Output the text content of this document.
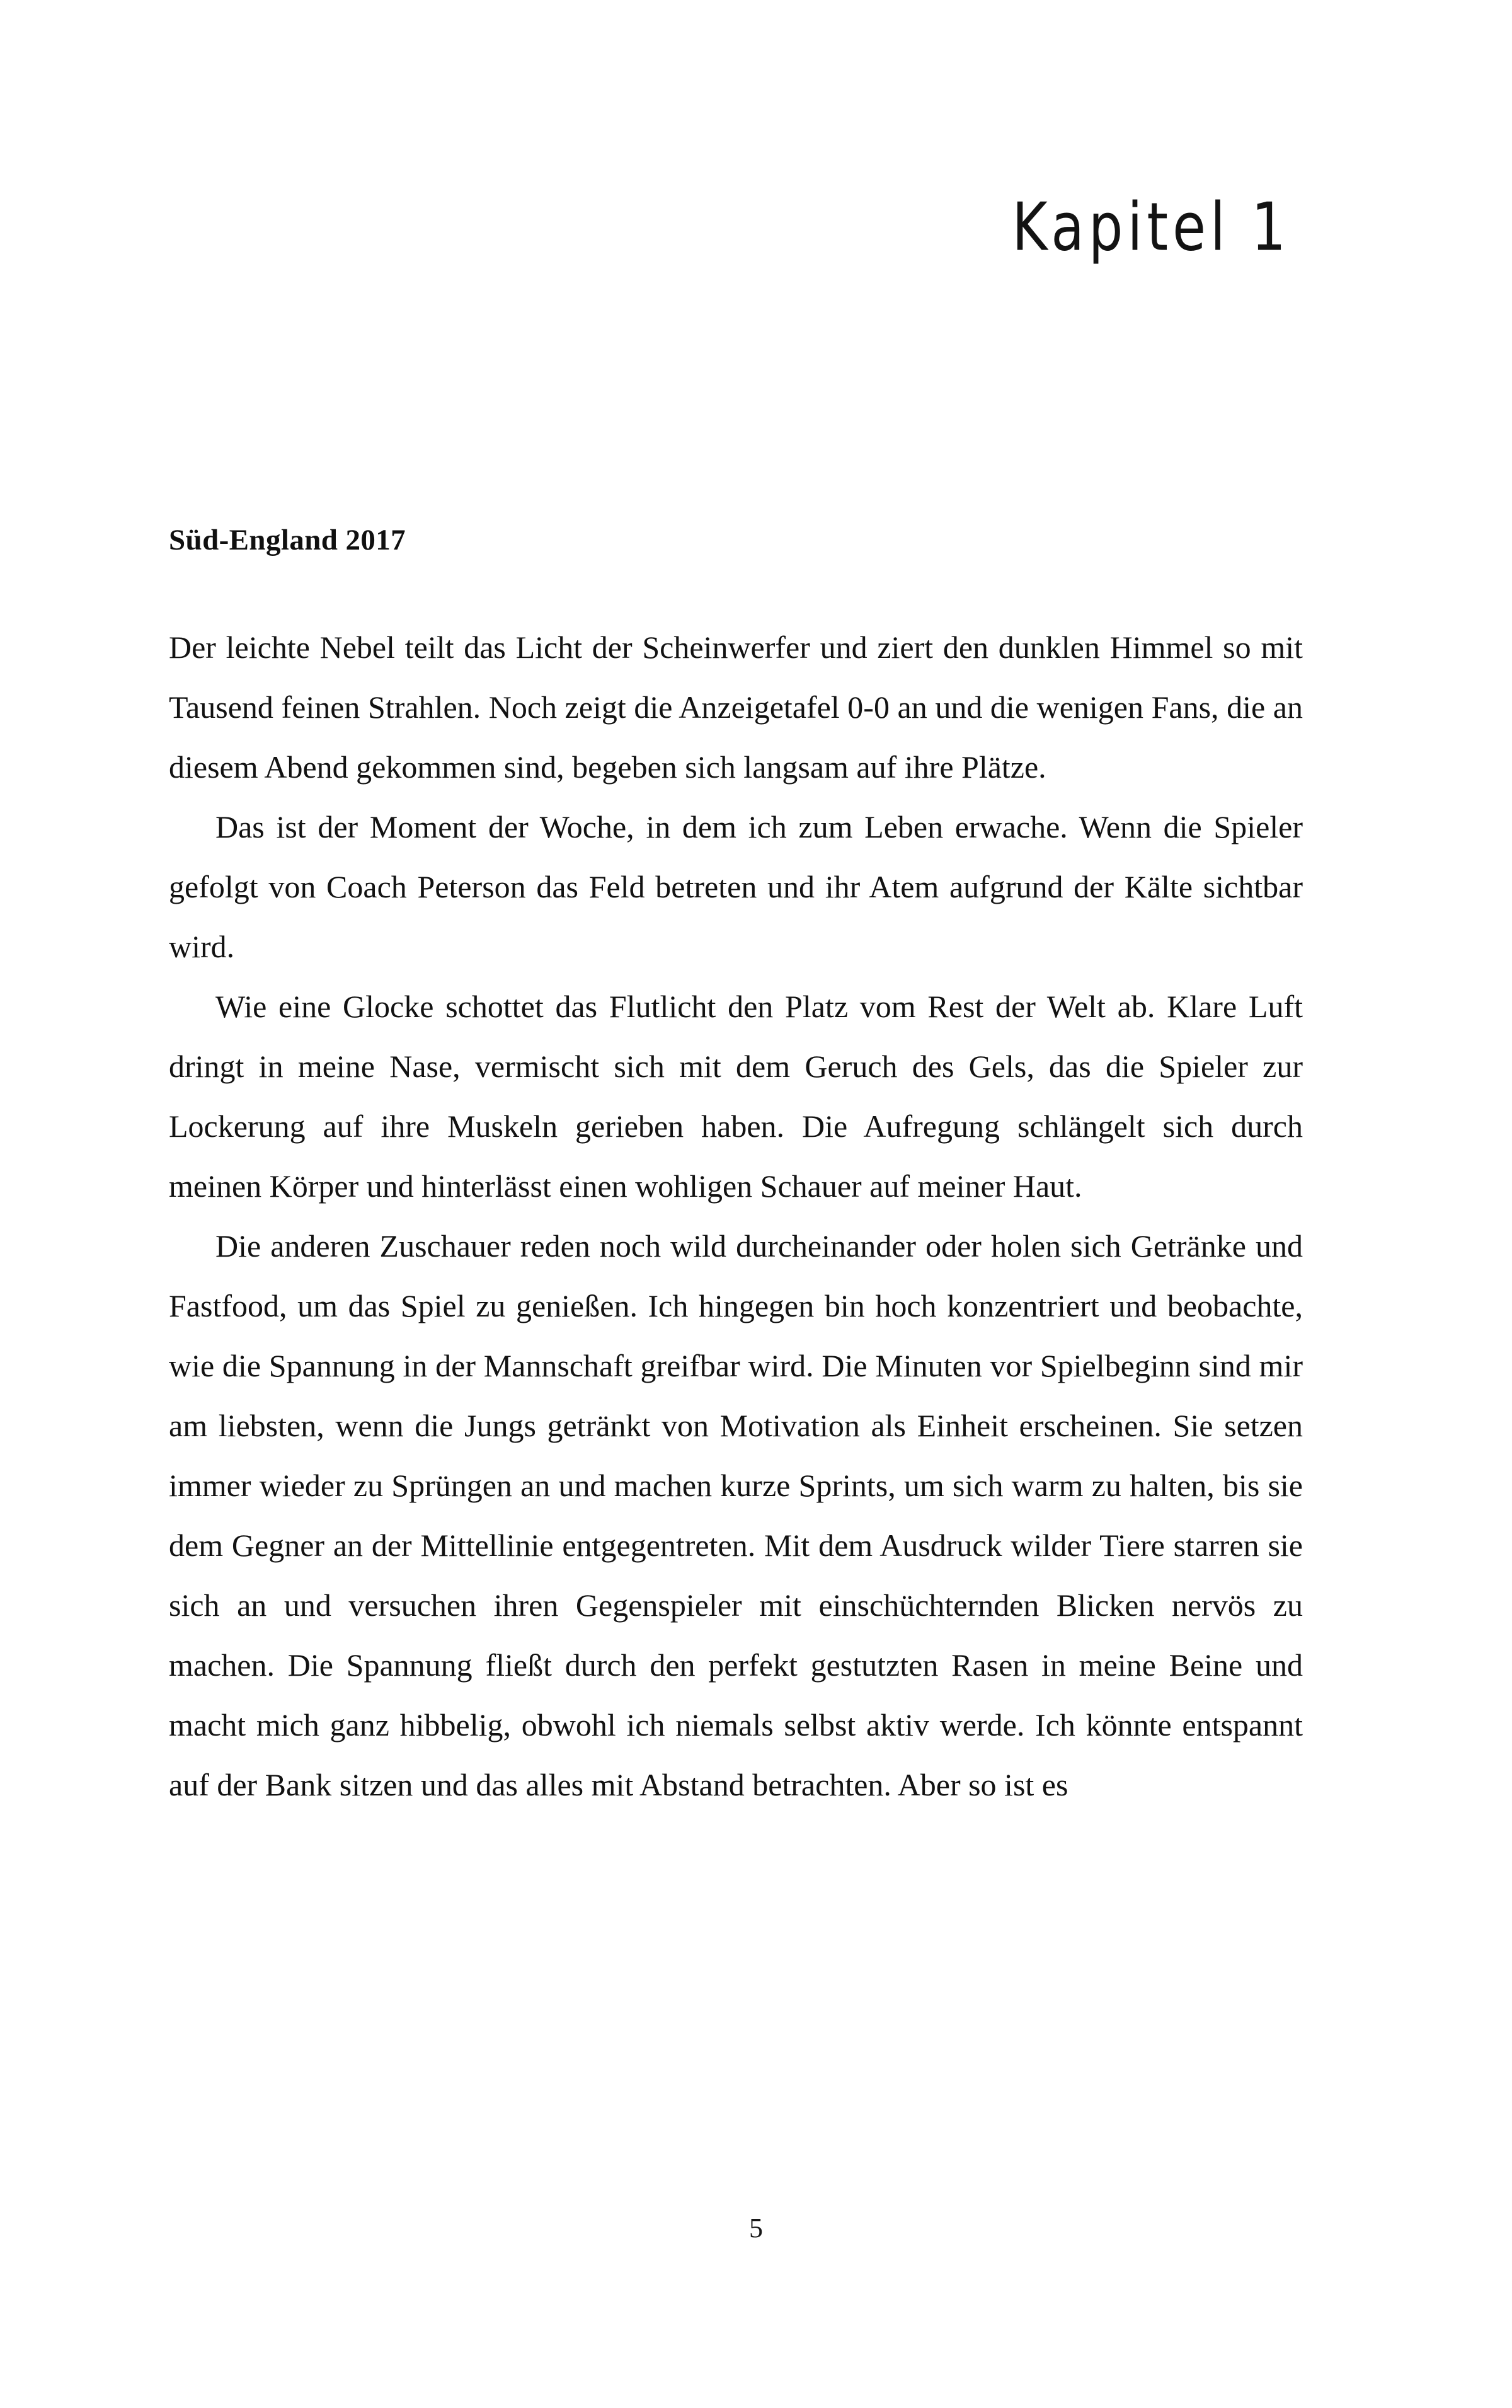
Kapitel 1
Süd-England 2017

Der leichte Nebel teilt das Licht der Scheinwerfer und ziert den dunklen Himmel so mit Tausend feinen Strahlen. Noch zeigt die Anzeigetafel 0-0 an und die wenigen Fans, die an diesem Abend gekommen sind, begeben sich langsam auf ihre Plätze.

Das ist der Moment der Woche, in dem ich zum Leben erwache. Wenn die Spieler gefolgt von Coach Peterson das Feld betreten und ihr Atem aufgrund der Kälte sichtbar wird.

Wie eine Glocke schottet das Flutlicht den Platz vom Rest der Welt ab. Klare Luft dringt in meine Nase, vermischt sich mit dem Geruch des Gels, das die Spieler zur Lockerung auf ihre Muskeln gerieben haben. Die Aufregung schlängelt sich durch meinen Körper und hinterlässt einen wohligen Schauer auf meiner Haut.

Die anderen Zuschauer reden noch wild durcheinander oder holen sich Getränke und Fastfood, um das Spiel zu genießen. Ich hingegen bin hoch konzentriert und beobachte, wie die Spannung in der Mannschaft greifbar wird. Die Minuten vor Spielbeginn sind mir am liebsten, wenn die Jungs getränkt von Motivation als Einheit erscheinen. Sie setzen immer wieder zu Sprüngen an und machen kurze Sprints, um sich warm zu halten, bis sie dem Gegner an der Mittellinie entgegentreten. Mit dem Ausdruck wilder Tiere starren sie sich an und versuchen ihren Gegenspieler mit einschüchternden Blicken nervös zu machen. Die Spannung fließt durch den perfekt gestutzten Rasen in meine Beine und macht mich ganz hibbelig, obwohl ich niemals selbst aktiv werde. Ich könnte entspannt auf der Bank sitzen und das alles mit Abstand betrachten. Aber so ist es

5
